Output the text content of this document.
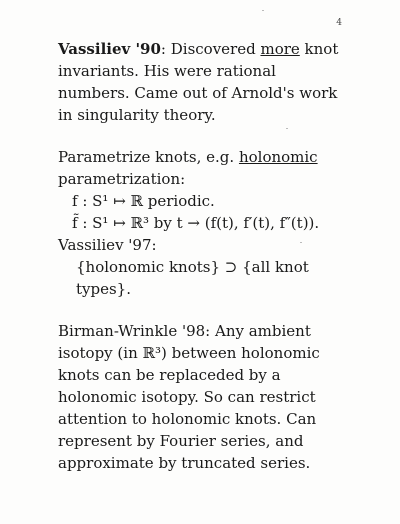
4

Vassiliev '90: Discovered more knot invariants. His were rational numbers. Came out of Arnold's work in singularity theory.

Parametrize knots, e.g. holonomic parametrization:

f : S¹ ↦ ℝ periodic.

f̃ : S¹ ↦ ℝ³ by t → (f(t), f′(t), f″(t)).

Vassiliev '97:

{holonomic knots} ⊃ {all knot types}.

Birman-Wrinkle '98: Any ambient isotopy (in ℝ³) between holonomic knots can be replaceded by a holonomic isotopy. So can restrict attention to holonomic knots. Can represent by Fourier series, and approximate by truncated series.
